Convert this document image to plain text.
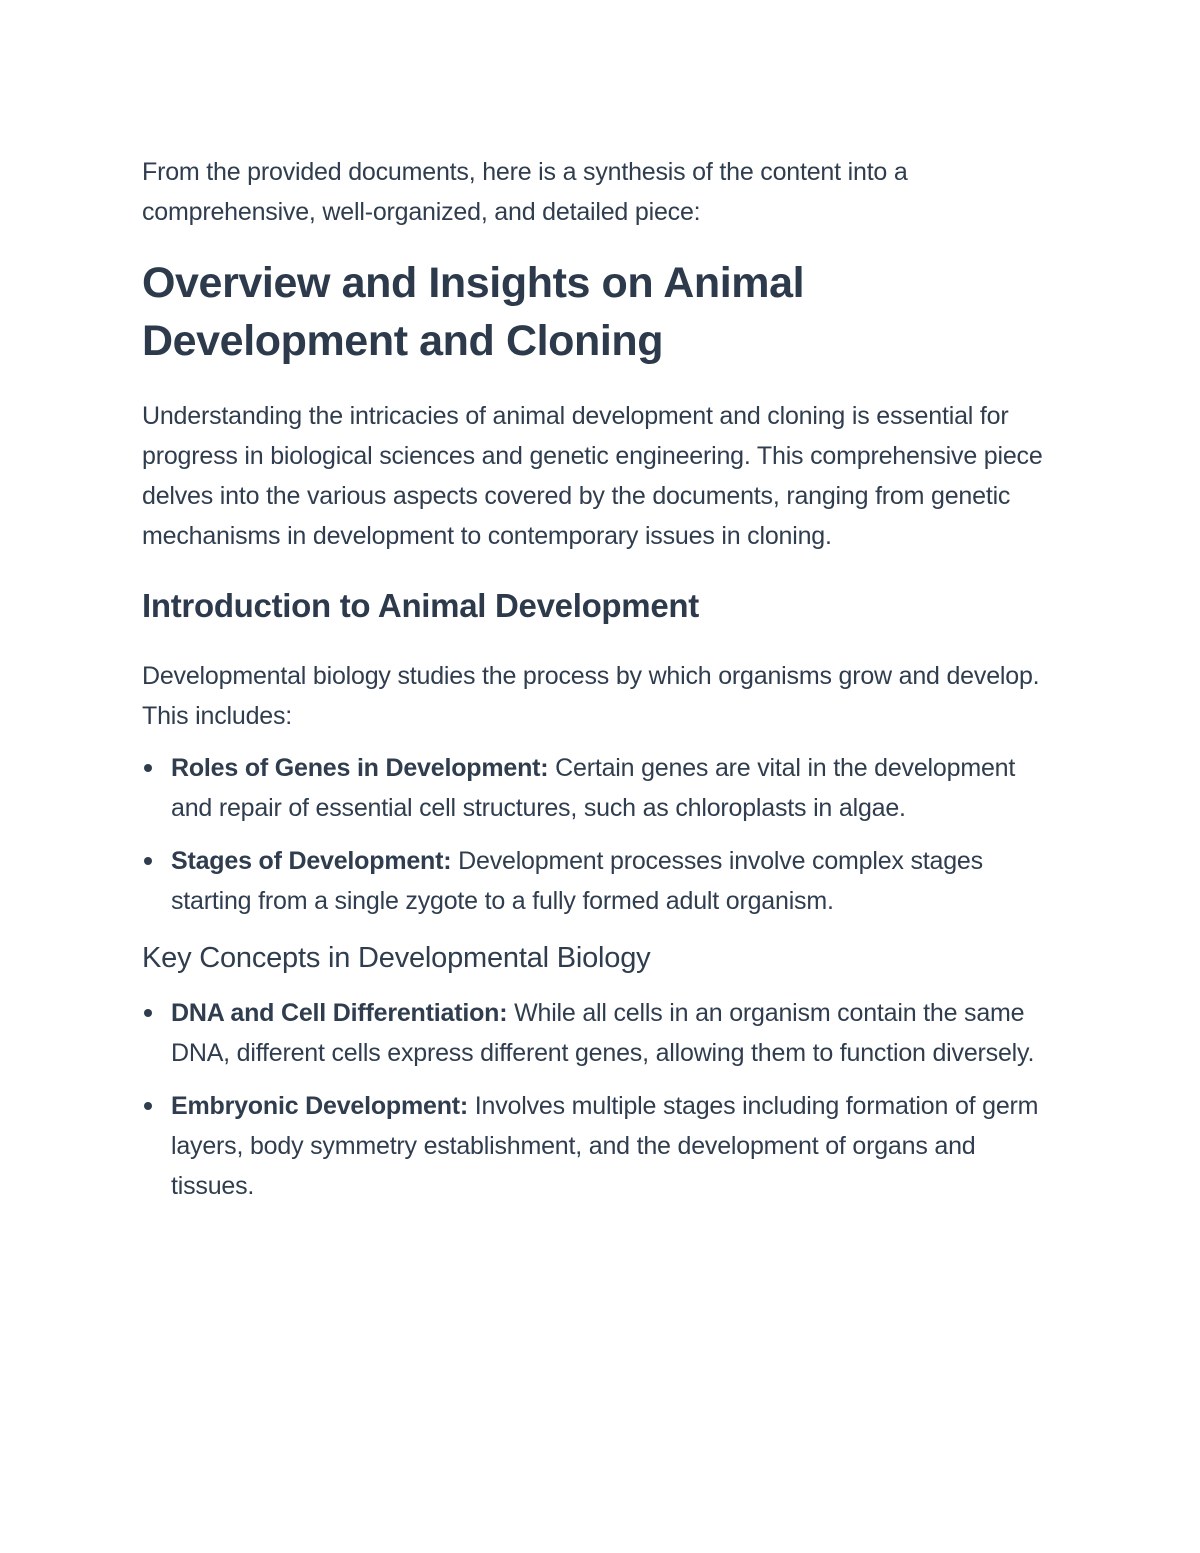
From the provided documents, here is a synthesis of the content into a comprehensive, well-organized, and detailed piece:

Overview and Insights on Animal Development and Cloning

Understanding the intricacies of animal development and cloning is essential for progress in biological sciences and genetic engineering. This comprehensive piece delves into the various aspects covered by the documents, ranging from genetic mechanisms in development to contemporary issues in cloning.

Introduction to Animal Development

Developmental biology studies the process by which organisms grow and develop. This includes:

Roles of Genes in Development: Certain genes are vital in the development and repair of essential cell structures, such as chloroplasts in algae.
Stages of Development: Development processes involve complex stages starting from a single zygote to a fully formed adult organism.
Key Concepts in Developmental Biology
DNA and Cell Differentiation: While all cells in an organism contain the same DNA, different cells express different genes, allowing them to function diversely.
Embryonic Development: Involves multiple stages including formation of germ layers, body symmetry establishment, and the development of organs and tissues.
